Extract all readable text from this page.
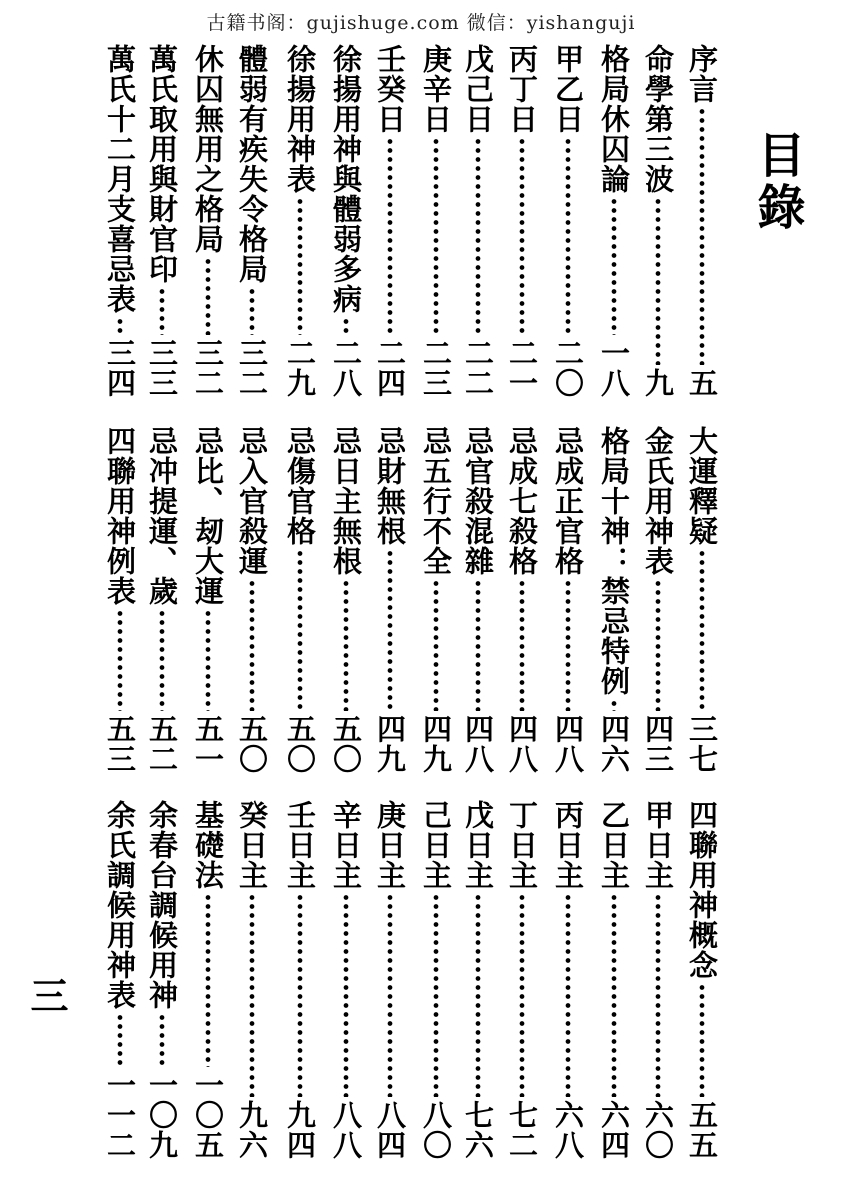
古籍书阁：gujishuge.com 微信：yishanguji
目錄
序言
五
命學第三波
九
格局休囚論
一八
甲乙日
二〇
丙丁日
二一
戊己日
二二
庚辛日
二三
壬癸日
二四
徐揚用神與體弱多病
二八
徐揚用神表
二九
體弱有疾失令格局
三二
休囚無用之格局
三二
萬氏取用與財官印
三三
萬氏十二月支喜忌表
三四
大運釋疑
三七
金氏用神表
四三
格局十神：禁忌特例
四六
忌成正官格
四八
忌成七殺格
四八
忌官殺混雜
四八
忌五行不全
四九
忌財無根
四九
忌日主無根
五〇
忌傷官格
五〇
忌入官殺運
五〇
忌比、刼大運
五一
忌冲提運、歲
五二
四聯用神例表
五三
四聯用神概念
五五
甲日主
六〇
乙日主
六四
丙日主
六八
丁日主
七二
戊日主
七六
己日主
八〇
庚日主
八四
辛日主
八八
壬日主
九四
癸日主
九六
基礎法
一〇五
余春台調候用神
一〇九
余氏調候用神表
一一二
三
